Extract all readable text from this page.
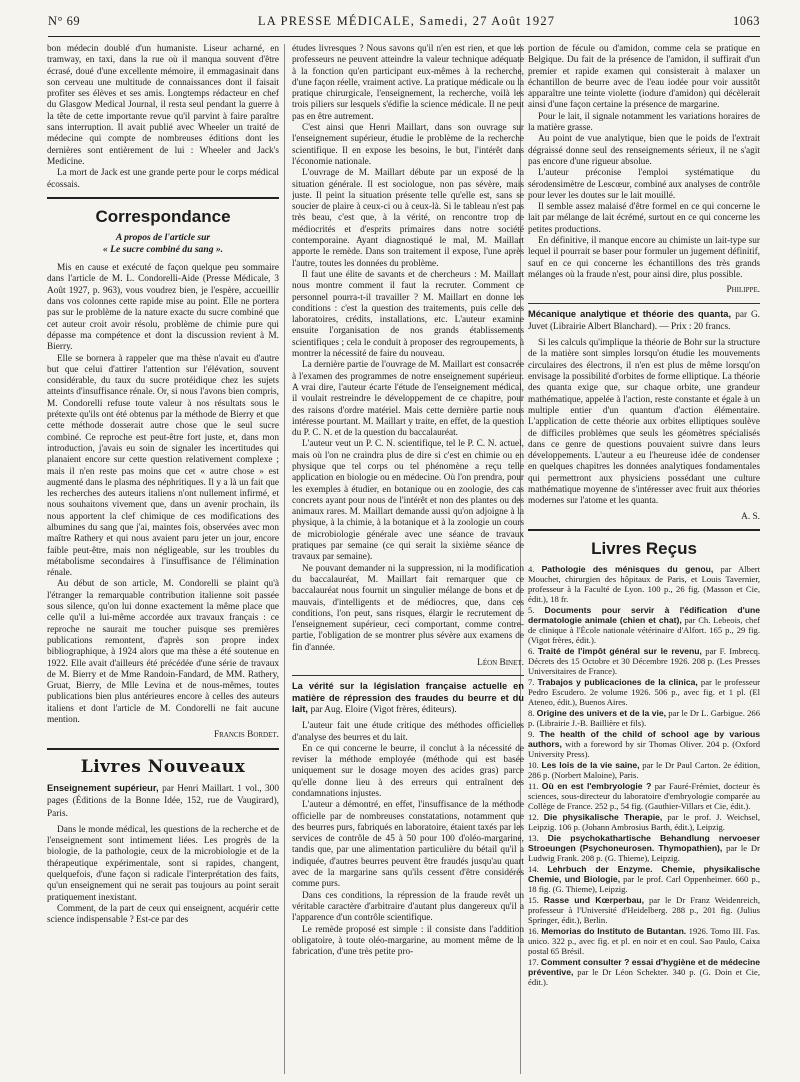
N° 69	LA PRESSE MÉDICALE, Samedi, 27 Août 1927	1063

bon médecin doublé d'un humaniste. Liseur acharné, en tramway, en taxi, dans la rue où il manqua souvent d'être écrasé, doué d'une excellente mémoire, il emmagasinait dans son cerveau une multitude de connaissances dont il faisait profiter ses élèves et ses amis. Longtemps rédacteur en chef du Glasgow Medical Journal, il resta seul pendant la guerre à la tête de cette importante revue qu'il parvint à faire paraître sans interruption. Il avait publié avec Wheeler un traité de médecine qui compte de nombreuses éditions dont les dernières sont entièrement de lui : Wheeler and Jack's Medicine.

La mort de Jack est une grande perte pour le corps médical écossais.

Correspondance
A propos de l'article sur
« Le sucre combiné du sang ».

Mis en cause et exécuté de façon quelque peu sommaire dans l'article de M. L. Condorelli-Aide (Presse Médicale, 3 Août 1927, p. 963), vous voudrez bien, je l'espère, accueillir dans vos colonnes cette rapide mise au point. Elle ne portera pas sur le problème de la nature exacte du sucre combiné que cet auteur croit avoir résolu, problème de chimie pure qui dépasse ma compétence et dont la discussion revient à M. Bierry.

Elle se bornera à rappeler que ma thèse n'avait eu d'autre but que celui d'attirer l'attention sur l'élévation, souvent considérable, du taux du sucre protéidique chez les sujets atteints d'insuffisance rénale. Or, si nous l'avons bien compris, M. Condorelli refuse toute valeur à nos résultats sous le prétexte qu'ils ont été obtenus par la méthode de Bierry et que cette méthode dosserait autre chose que le seul sucre combiné. Ce reproche est peut-être fort juste, et, dans mon introduction, j'avais eu soin de signaler les incertitudes qui planaient encore sur cette question relativement complexe ; mais il n'en reste pas moins que cet « autre chose » est augmenté dans le plasma des néphritiques. Il y a là un fait que les recherches des auteurs italiens n'ont nullement infirmé, et nous souhaitons vivement que, dans un avenir prochain, ils nous apportent la clef chimique de ces modifications des albumines du sang que j'ai, maintes fois, observées avec mon maître Rathery et qui nous avaient paru jeter un jour, encore faible peut-être, mais non négligeable, sur les troubles du métabolisme secondaires à l'insuffisance de l'élimination rénale.

Au début de son article, M. Condorelli se plaint qu'à l'étranger la remarquable contribution italienne soit passée sous silence, qu'on lui donne exactement la même place que celle qu'il a lui-même accordée aux travaux français : ce reproche ne saurait me toucher puisque ses premières publications remontent, d'après son propre index bibliographique, à 1924 alors que ma thèse a été soutenue en 1922. Elle avait d'ailleurs été précédée d'une série de travaux de M. Bierry et de Mme Randoin-Fandard, de MM. Rathery, Gruat, Bierry, de Mlle Levina et de nous-mêmes, toutes publications bien plus antérieures encore à celles des auteurs italiens et dont l'article de M. Condorelli ne fait aucune mention.

Francis Bordet.
Livres Nouveaux

Enseignement supérieur, par Henri Maillart. 1 vol., 300 pages (Éditions de la Bonne Idée, 152, rue de Vaugirard), Paris.

Dans le monde médical, les questions de la recherche et de l'enseignement sont intimement liées. Les progrès de la biologie, de la pathologie, ceux de la microbiologie et de la thérapeutique expérimentale, sont si rapides, changent, quelquefois, d'une façon si radicale l'interprétation des faits, qu'un enseignement qui ne serait pas toujours au point serait pratiquement inexistant.

Comment, de la part de ceux qui enseignent, acquérir cette science indispensable ? Est-ce par des

études livresques ? Nous savons qu'il n'en est rien, et que les professeurs ne peuvent atteindre la valeur technique adéquate à la fonction qu'en participant eux-mêmes à la recherche, d'une façon réelle, vraiment active. La pratique médicale ou la pratique chirurgicale, l'enseignement, la recherche, voilà les trois piliers sur lesquels s'édifie la science médicale. Il ne peut pas en être autrement.

C'est ainsi que Henri Maillart, dans son ouvrage sur l'enseignement supérieur, étudie le problème de la recherche scientifique. Il en expose les besoins, le but, l'intérêt dans l'économie nationale.

L'ouvrage de M. Maillart débute par un exposé de la situation générale. Il est sociologue, non pas sévère, mais juste. Il peint la situation présente telle qu'elle est, sans se soucier de plaire à ceux-ci ou à ceux-là. Si le tableau n'est pas très beau, c'est que, à la vérité, on rencontre trop de médiocrités et d'esprits primaires dans notre société contemporaine. Ayant diagnostiqué le mal, M. Maillart apporte le remède. Dans son traitement il expose, l'une après l'autre, toutes les données du problème.

Il faut une élite de savants et de chercheurs : M. Maillart nous montre comment il faut la recruter. Comment ce personnel pourra-t-il travailler ? M. Maillart en donne les conditions : c'est la question des traitements, puis celle des laboratoires, crédits, installations, etc. L'auteur examine ensuite l'organisation de nos grands établissements scientifiques ; cela le conduit à proposer des regroupements, à montrer la nécessité de faire du nouveau.

La dernière partie de l'ouvrage de M. Maillart est consacrée à l'examen des programmes de notre enseignement supérieur. A vrai dire, l'auteur écarte l'étude de l'enseignement médical, il voulait restreindre le développement de ce chapitre, pour des raisons d'ordre matériel. Mais cette dernière partie nous intéresse pourtant. M. Maillart y traite, en effet, de la question du P. C. N. et de la question du baccalauréat.

L'auteur veut un P. C. N. scientifique, tel le P. C. N. actuel, mais où l'on ne craindra plus de dire si c'est en chimie ou en physique que tel corps ou tel phénomène a reçu telle application en biologie ou en médecine. Où l'on prendra, pour les exemples à étudier, en botanique ou en zoologie, des cas concrets ayant pour nous de l'intérêt et non des plantes ou des animaux rares. M. Maillart demande aussi qu'on adjoigne à la physique, à la chimie, à la botanique et à la zoologie un cours de microbiologie générale avec une séance de travaux pratiques par semaine (ce qui serait la sixième séance de travaux par semaine).

Ne pouvant demander ni la suppression, ni la modification du baccalauréat, M. Maillart fait remarquer que ce baccalauréat nous fournit un singulier mélange de bons et de mauvais, d'intelligents et de médiocres, que, dans ces conditions, l'on peut, sans risques, élargir le recrutement de l'enseignement supérieur, ceci comportant, comme contre-partie, l'obligation de se montrer plus sévère aux examens de fin d'année.

Léon Binet.

La vérité sur la législation française actuelle en matière de répression des fraudes du beurre et du lait, par Aug. Eloire (Vigot frères, éditeurs).

L'auteur fait une étude critique des méthodes officielles d'analyse des beurres et du lait.

En ce qui concerne le beurre, il conclut à la nécessité de reviser la méthode employée (méthode qui est basée uniquement sur le dosage moyen des acides gras) parce qu'elle donne lieu à des erreurs qui entraînent des condamnations injustes.

L'auteur a démontré, en effet, l'insuffisance de la méthode officielle par de nombreuses constatations, notamment que des beurres purs, fabriqués en laboratoire, étaient taxés par les services de contrôle de 45 à 50 pour 100 d'oléo-margarine, tandis que, par une alimentation particulière du bétail qu'il a indiquée, d'autres beurres peuvent être fraudés jusqu'au quart avec de la margarine sans qu'ils cessent d'être considérés comme purs.

Dans ces conditions, la répression de la fraude revêt un véritable caractère d'arbitraire d'autant plus dangereux qu'il a l'apparence d'un contrôle scientifique.

Le remède proposé est simple : il consiste dans l'addition obligatoire, à toute oléo-margarine, au moment même de la fabrication, d'une très petite pro-

portion de fécule ou d'amidon, comme cela se pratique en Belgique. Du fait de la présence de l'amidon, il suffirait d'un premier et rapide examen qui consisterait à malaxer un échantillon de beurre avec de l'eau iodée pour voir aussitôt apparaître une teinte violette (iodure d'amidon) qui décèlerait ainsi d'une façon certaine la présence de margarine.

Pour le lait, il signale notamment les variations horaires de la matière grasse.

Au point de vue analytique, bien que le poids de l'extrait dégraissé donne seul des renseignements sérieux, il ne s'agit pas encore d'une rigueur absolue.

L'auteur préconise l'emploi systématique du sérodensimètre de Lescœur, combiné aux analyses de contrôle pour lever les doutes sur le lait mouillé.

Il semble assez malaisé d'être formel en ce qui concerne le lait par mélange de lait écrémé, surtout en ce qui concerne les petites productions.

En définitive, il manque encore au chimiste un lait-type sur lequel il pourrait se baser pour formuler un jugement définitif, sauf en ce qui concerne les échantillons des très grands mélanges où la fraude n'est, pour ainsi dire, plus possible.

Philippe.

Mécanique analytique et théorie des quanta, par G. Juvet (Librairie Albert Blanchard). — Prix : 20 francs.

Si les calculs qu'implique la théorie de Bohr sur la structure de la matière sont simples lorsqu'on étudie les mouvements circulaires des électrons, il n'en est plus de même lorsqu'on envisage la possibilité d'orbites de forme elliptique. La théorie des quanta exige que, sur chaque orbite, une grandeur mathématique, appelée à l'action, reste constante et égale à un multiple entier d'un quantum d'action élémentaire. L'application de cette théorie aux orbites elliptiques soulève de difficiles problèmes que seuls les géomètres spécialisés dans ce genre de questions pouvaient suivre dans leurs développements. L'auteur a eu l'heureuse idée de condenser en quelques chapitres les données analytiques fondamentales qui permettront aux physiciens possédant une culture mathématique moyenne de s'intéresser avec fruit aux théories modernes sur l'atome et les quanta.

A. S.
Livres Reçus

4. Pathologie des ménisques du genou, par Albert Mouchet, chirurgien des hôpitaux de Paris, et Louis Tavernier, professeur à la Faculté de Lyon. 100 p., 26 fig. (Masson et Cie, édit.), 18 fr.

5. Documents pour servir à l'édification d'une dermatologie animale (chien et chat), par Ch. Lebeois, chef de clinique à l'École nationale vétérinaire d'Alfort. 165 p., 29 fig. (Vigot frères, édit.).

6. Traité de l'impôt général sur le revenu, par F. Imbrecq. Décrets des 15 Octobre et 30 Décembre 1926. 208 p. (Les Presses Universitaires de France).

7. Trabajos y publicaciones de la clinica, par le professeur Pedro Escudero. 2e volume 1926. 506 p., avec fig. et 1 pl. (El Ateneo, édit.), Buenos Aires.

8. Origine des univers et de la vie, par le Dr L. Garbigue. 266 p. (Librairie J.-B. Baillière et fils).

9. The health of the child of school age by various authors, with a foreword by sir Thomas Oliver. 204 p. (Oxford University Press).

10. Les lois de la vie saine, par le Dr Paul Carton. 2e édition, 286 p. (Norbert Maloine), Paris.

11. Où en est l'embryologie ? par Fauré-Frémiet, docteur ès sciences, sous-directeur du laboratoire d'embryologie comparée au Collège de France. 252 p., 54 fig. (Gauthier-Villars et Cie, édit.).

12. Die physikalische Therapie, par le prof. J. Weichsel, Leipzig. 106 p. (Johann Ambrosius Barth, édit.), Leipzig.

13. Die psychokathartische Behandlung nervoeser Stroeungen (Psychoneurosen. Thymopathien), par le Dr Ludwig Frank. 208 p. (G. Thieme), Leipzig.

14. Lehrbuch der Enzyme. Chemie, physikalische Chemie, und Biologie, par le prof. Carl Oppenheimer. 660 p., 18 fig. (G. Thieme), Leipzig.

15. Rasse und Kœrperbau, par le Dr Franz Weidenreich, professeur à l'Université d'Heidelberg. 288 p., 201 fig. (Julius Springer, édit.), Berlin.

16. Memorias do Instituto de Butantan. 1926. Tomo III. Fas. unico. 322 p., avec fig. et pl. en noir et en coul. Sao Paulo, Caixa postal 65 Brésil.

17. Comment consulter ? essai d'hygiène et de médecine préventive, par le Dr Léon Schekter. 340 p. (G. Doin et Cie, édit.).
